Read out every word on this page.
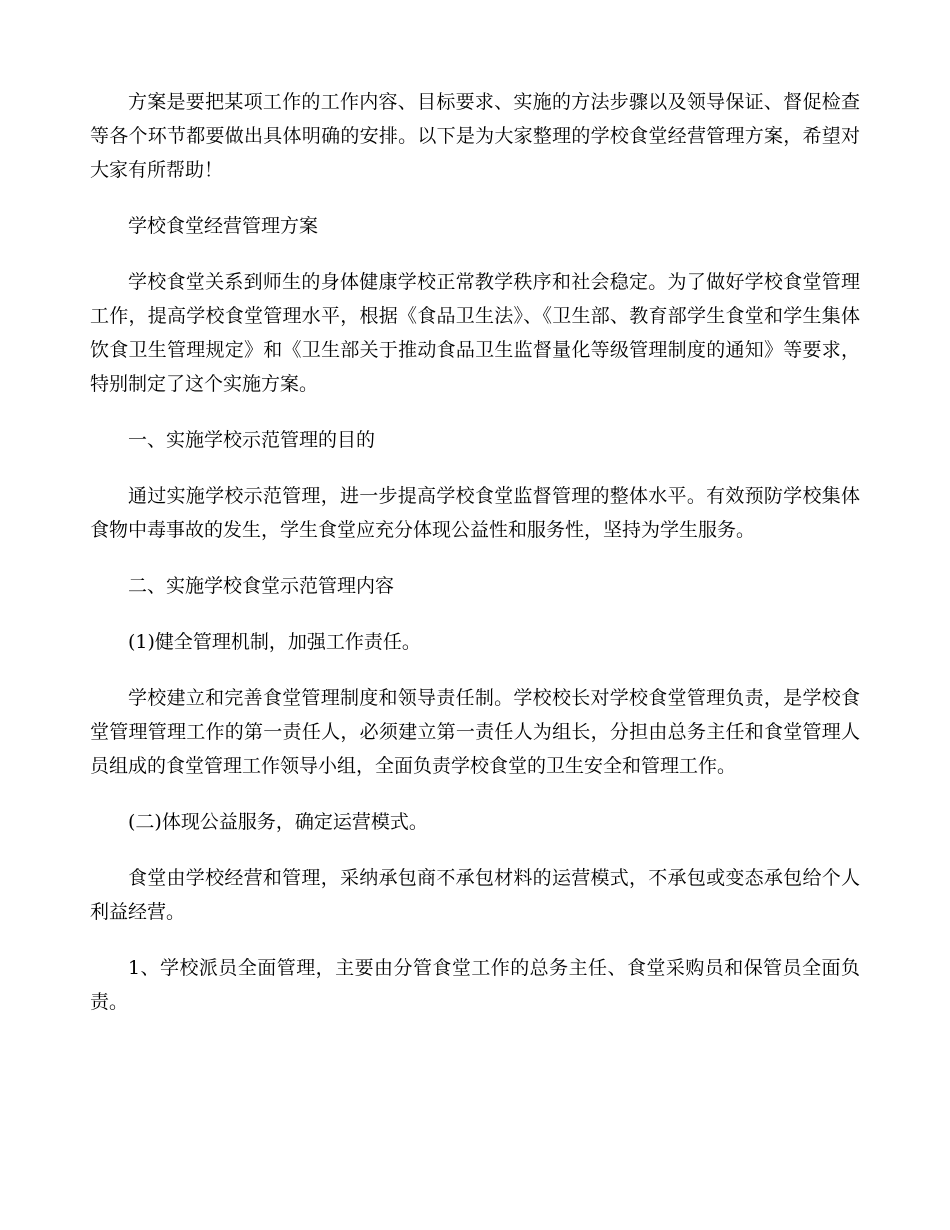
方案是要把某项工作的工作内容、目标要求、实施的方法步骤以及领导保证、督促检查等各个环节都要做出具体明确的安排。以下是为大家整理的学校食堂经营管理方案，希望对大家有所帮助！

学校食堂经营管理方案

学校食堂关系到师生的身体健康学校正常教学秩序和社会稳定。为了做好学校食堂管理工作，提高学校食堂管理水平，根据《食品卫生法》、《卫生部、教育部学生食堂和学生集体饮食卫生管理规定》和《卫生部关于推动食品卫生监督量化等级管理制度的通知》等要求，特别制定了这个实施方案。

一、实施学校示范管理的目的

通过实施学校示范管理，进一步提高学校食堂监督管理的整体水平。有效预防学校集体食物中毒事故的发生，学生食堂应充分体现公益性和服务性，坚持为学生服务。

二、实施学校食堂示范管理内容

(1)健全管理机制，加强工作责任。

学校建立和完善食堂管理制度和领导责任制。学校校长对学校食堂管理负责，是学校食堂管理管理工作的第一责任人，必须建立第一责任人为组长，分担由总务主任和食堂管理人员组成的食堂管理工作领导小组，全面负责学校食堂的卫生安全和管理工作。

(二)体现公益服务，确定运营模式。

食堂由学校经营和管理，采纳承包商不承包材料的运营模式，不承包或变态承包给个人利益经营。

1、学校派员全面管理，主要由分管食堂工作的总务主任、食堂采购员和保管员全面负责。
